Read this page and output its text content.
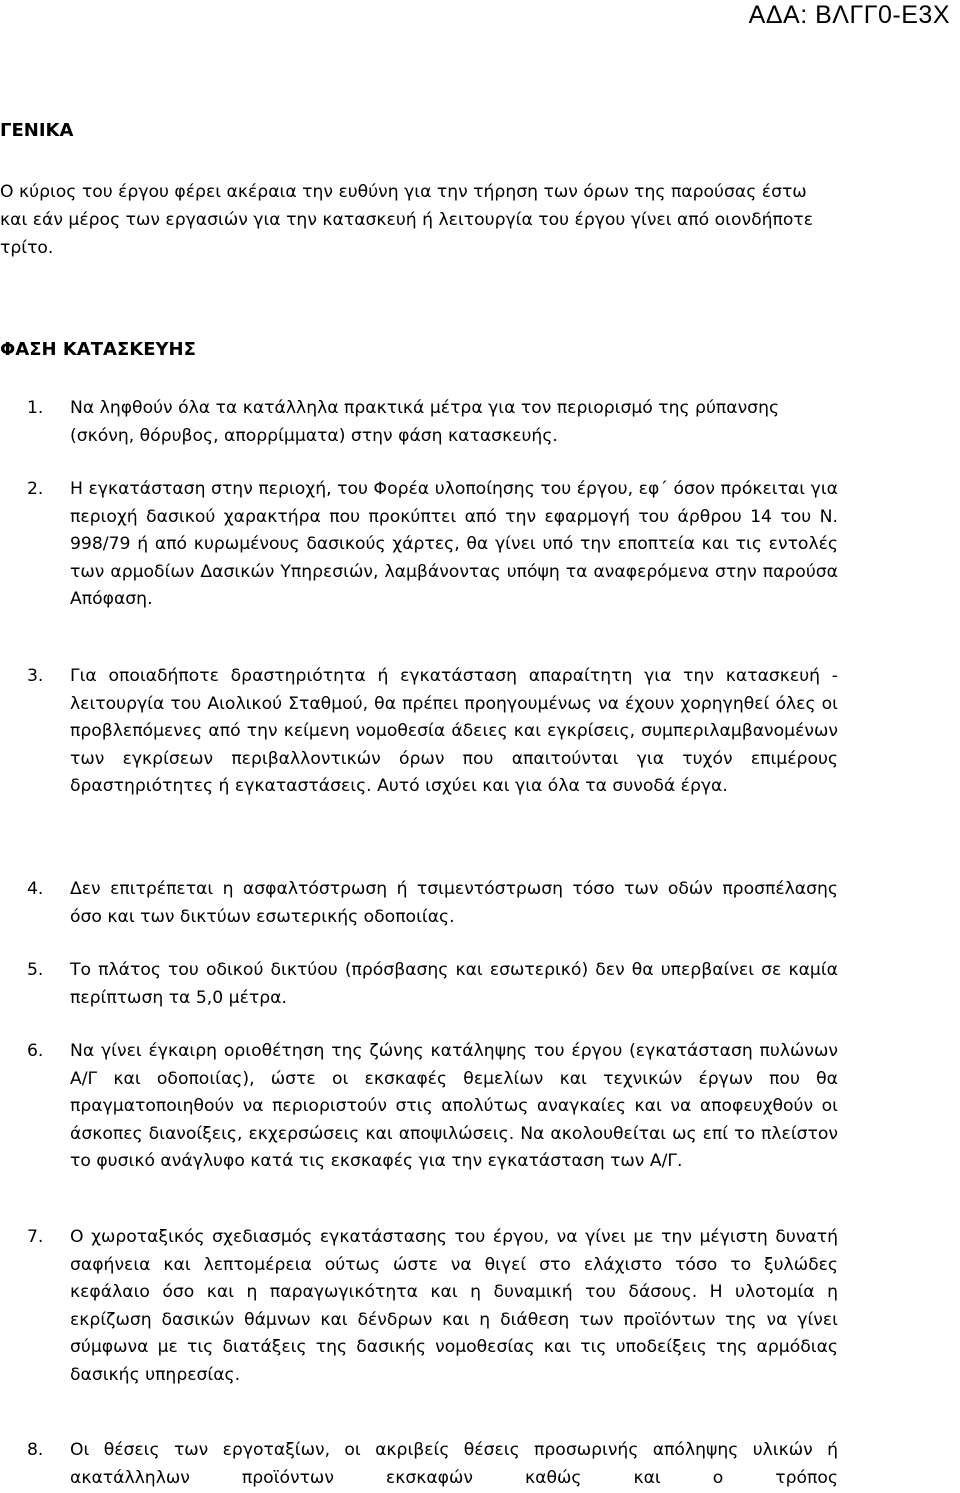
ΑΔΑ: ΒΛΓΓ0-Ε3Χ
ΓΕΝΙΚΑ

Ο κύριος του έργου φέρει ακέραια την ευθύνη για την τήρηση των όρων της παρούσας έστω και εάν μέρος των εργασιών για την κατασκευή ή λειτουργία του έργου γίνει από οιονδήποτε τρίτο.

ΦΑΣΗ ΚΑΤΑΣΚΕΥΗΣ
1. Να ληφθούν όλα τα κατάλληλα πρακτικά μέτρα για τον περιορισμό της ρύπανσης (σκόνη, θόρυβος, απορρίμματα) στην φάση κατασκευής.
2. Η εγκατάσταση στην περιοχή, του Φορέα υλοποίησης του έργου, εφ΄ όσον πρόκειται για περιοχή δασικού χαρακτήρα που προκύπτει από την εφαρμογή του άρθρου 14 του Ν. 998/79 ή από κυρωμένους δασικούς χάρτες, θα γίνει υπό την εποπτεία και τις εντολές των αρμοδίων Δασικών Υπηρεσιών, λαμβάνοντας υπόψη τα αναφερόμενα στην παρούσα Απόφαση.
3. Για οποιαδήποτε δραστηριότητα ή εγκατάσταση απαραίτητη για την κατασκευή - λειτουργία του Αιολικού Σταθμού, θα πρέπει προηγουμένως να έχουν χορηγηθεί όλες οι προβλεπόμενες από την κείμενη νομοθεσία άδειες και εγκρίσεις, συμπεριλαμβανομένων των εγκρίσεων περιβαλλοντικών όρων που απαιτούνται για τυχόν επιμέρους δραστηριότητες ή εγκαταστάσεις. Αυτό ισχύει και για όλα τα συνοδά έργα.
4. Δεν επιτρέπεται η ασφαλτόστρωση ή τσιμεντόστρωση τόσο των οδών προσπέλασης όσο και των δικτύων εσωτερικής οδοποιίας.
5. Το πλάτος του οδικού δικτύου (πρόσβασης και εσωτερικό) δεν θα υπερβαίνει σε καμία περίπτωση τα 5,0 μέτρα.
6. Να γίνει έγκαιρη οριοθέτηση της ζώνης κατάληψης του έργου (εγκατάσταση πυλώνων Α/Γ και οδοποιίας), ώστε οι εκσκαφές θεμελίων και τεχνικών έργων που θα πραγματοποιηθούν να περιοριστούν στις απολύτως αναγκαίες και να αποφευχθούν οι άσκοπες διανοίξεις, εκχερσώσεις και αποψιλώσεις. Να ακολουθείται ως επί το πλείστον το φυσικό ανάγλυφο κατά τις εκσκαφές για την εγκατάσταση των Α/Γ.
7. Ο χωροταξικός σχεδιασμός εγκατάστασης του έργου, να γίνει με την μέγιστη δυνατή σαφήνεια και λεπτομέρεια ούτως ώστε να θιγεί στο ελάχιστο τόσο το ξυλώδες κεφάλαιο όσο και η παραγωγικότητα και η δυναμική του δάσους. Η υλοτομία η εκρίζωση δασικών θάμνων και δένδρων και η διάθεση των προϊόντων της να γίνει σύμφωνα με τις διατάξεις της δασικής νομοθεσίας και τις υποδείξεις της αρμόδιας δασικής υπηρεσίας.
8. Οι θέσεις των εργοταξίων, οι ακριβείς θέσεις προσωρινής απόληψης υλικών ή ακατάλληλων προϊόντων εκσκαφών καθώς και ο τρόπος
